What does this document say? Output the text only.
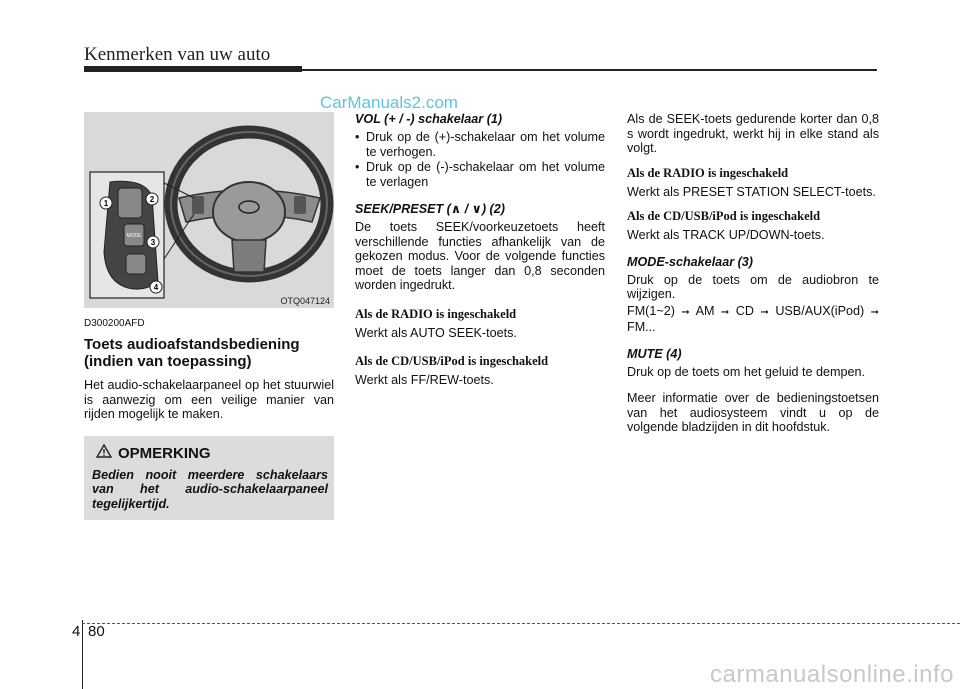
Kenmerken van uw auto
CarManuals2.com
MODE
1	2
3
4
OTQ047124
D300200AFD
Toets audioafstandsbediening (indien van toepassing)

Het audio-schakelaarpaneel op het stuurwiel is aanwezig om een veilige manier van rijden mogelijk te maken.

OPMERKING
Bedien nooit meerdere schakelaars van het audio-schakelaarpaneel tegelijkertijd.
VOL (+ / -) schakelaar (1)
• Druk op de (+)-schakelaar om het volume te verhogen.
• Druk op de (-)-schakelaar om het volume te verlagen
SEEK/PRESET (∧ / ∨) (2)

De toets SEEK/voorkeuzetoets heeft verschillende functies afhankelijk van de gekozen modus. Voor de volgende functies moet de toets langer dan 0,8 seconden worden ingedrukt.

Als de RADIO is ingeschakeld

Werkt als AUTO SEEK-toets.

Als de CD/USB/iPod is ingeschakeld

Werkt als FF/REW-toets.

Als de SEEK-toets gedurende korter dan 0,8 s wordt ingedrukt, werkt hij in elke stand als volgt.

Als de RADIO is ingeschakeld

Werkt als PRESET STATION SELECT-toets.

Als de CD/USB/iPod is ingeschakeld

Werkt als TRACK UP/DOWN-toets.

MODE-schakelaar (3)

Druk op de toets om de audiobron te wijzigen.

FM(1~2) ➞ AM ➞ CD ➞ USB/AUX(iPod) ➞ FM...

MUTE (4)

Druk op de toets om het geluid te dempen.

Meer informatie over de bedieningstoetsen van het audiosysteem vindt u op de volgende bladzijden in dit hoofdstuk.

4 80
carmanualsonline.info
